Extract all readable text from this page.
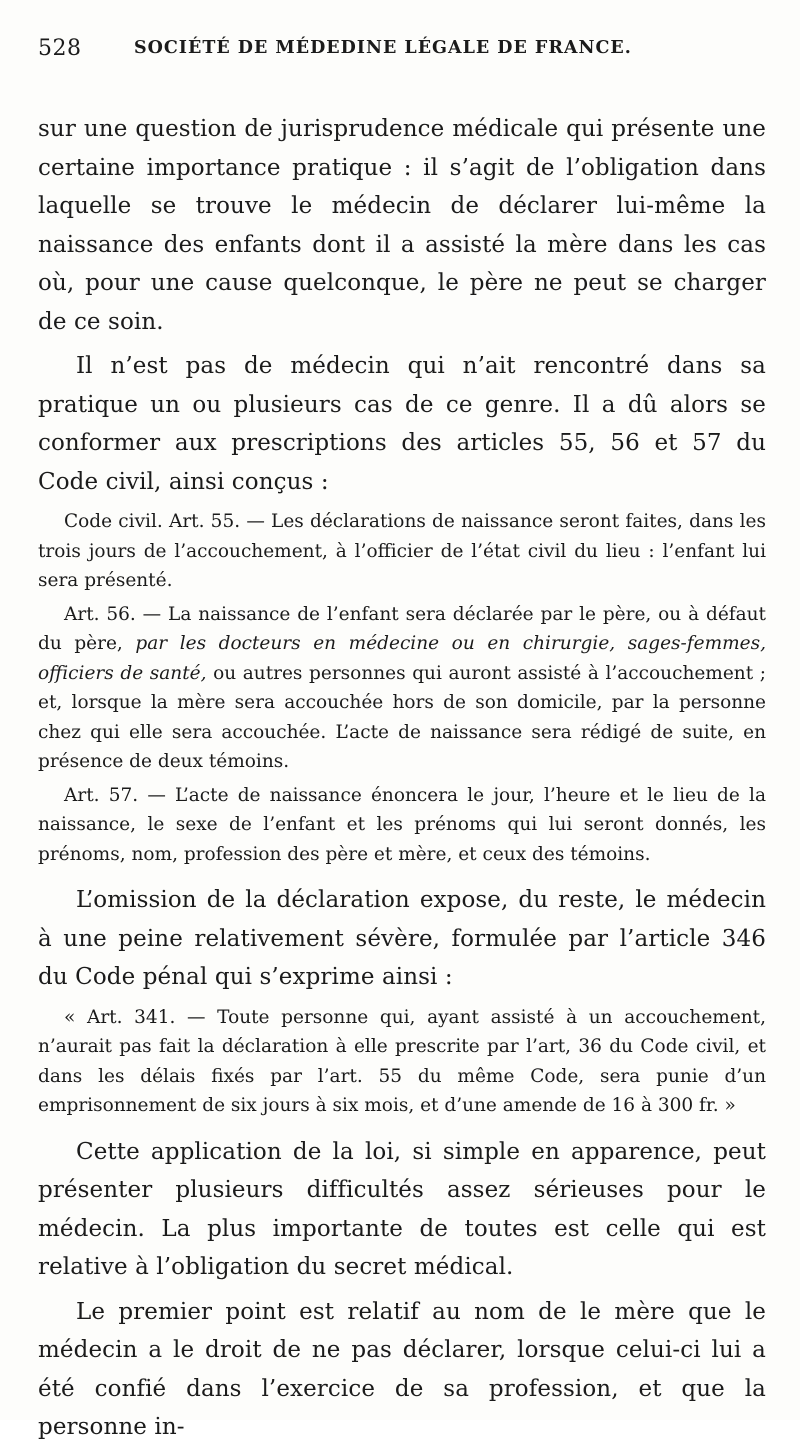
528	SOCIÉTÉ DE MÉDEDINE LÉGALE DE FRANCE.

sur une question de jurisprudence médicale qui présente une certaine importance pratique : il s’agit de l’obligation dans laquelle se trouve le médecin de déclarer lui-même la naissance des enfants dont il a assisté la mère dans les cas où, pour une cause quelconque, le père ne peut se charger de ce soin.

Il n’est pas de médecin qui n’ait rencontré dans sa pratique un ou plusieurs cas de ce genre. Il a dû alors se conformer aux prescriptions des articles 55, 56 et 57 du Code civil, ainsi conçus :

Code civil. Art. 55. — Les déclarations de naissance seront faites, dans les trois jours de l’accouchement, à l’officier de l’état civil du lieu : l’enfant lui sera présenté.

Art. 56. — La naissance de l’enfant sera déclarée par le père, ou à défaut du père, par les docteurs en médecine ou en chirurgie, sages-femmes, officiers de santé, ou autres personnes qui auront assisté à l’accouchement ; et, lorsque la mère sera accouchée hors de son domicile, par la personne chez qui elle sera accouchée. L’acte de naissance sera rédigé de suite, en présence de deux témoins.

Art. 57. — L’acte de naissance énoncera le jour, l’heure et le lieu de la naissance, le sexe de l’enfant et les prénoms qui lui seront donnés, les prénoms, nom, profession des père et mère, et ceux des témoins.

L’omission de la déclaration expose, du reste, le médecin à une peine relativement sévère, formulée par l’article 346 du Code pénal qui s’exprime ainsi :

« Art. 341. — Toute personne qui, ayant assisté à un accouchement, n’aurait pas fait la déclaration à elle prescrite par l’art, 36 du Code civil, et dans les délais fixés par l’art. 55 du même Code, sera punie d’un emprisonnement de six jours à six mois, et d’une amende de 16 à 300 fr. »

Cette application de la loi, si simple en apparence, peut présenter plusieurs difficultés assez sérieuses pour le médecin. La plus importante de toutes est celle qui est relative à l’obligation du secret médical.

Le premier point est relatif au nom de le mère que le médecin a le droit de ne pas déclarer, lorsque celui-ci lui a été confié dans l’exercice de sa profession, et que la personne in-
